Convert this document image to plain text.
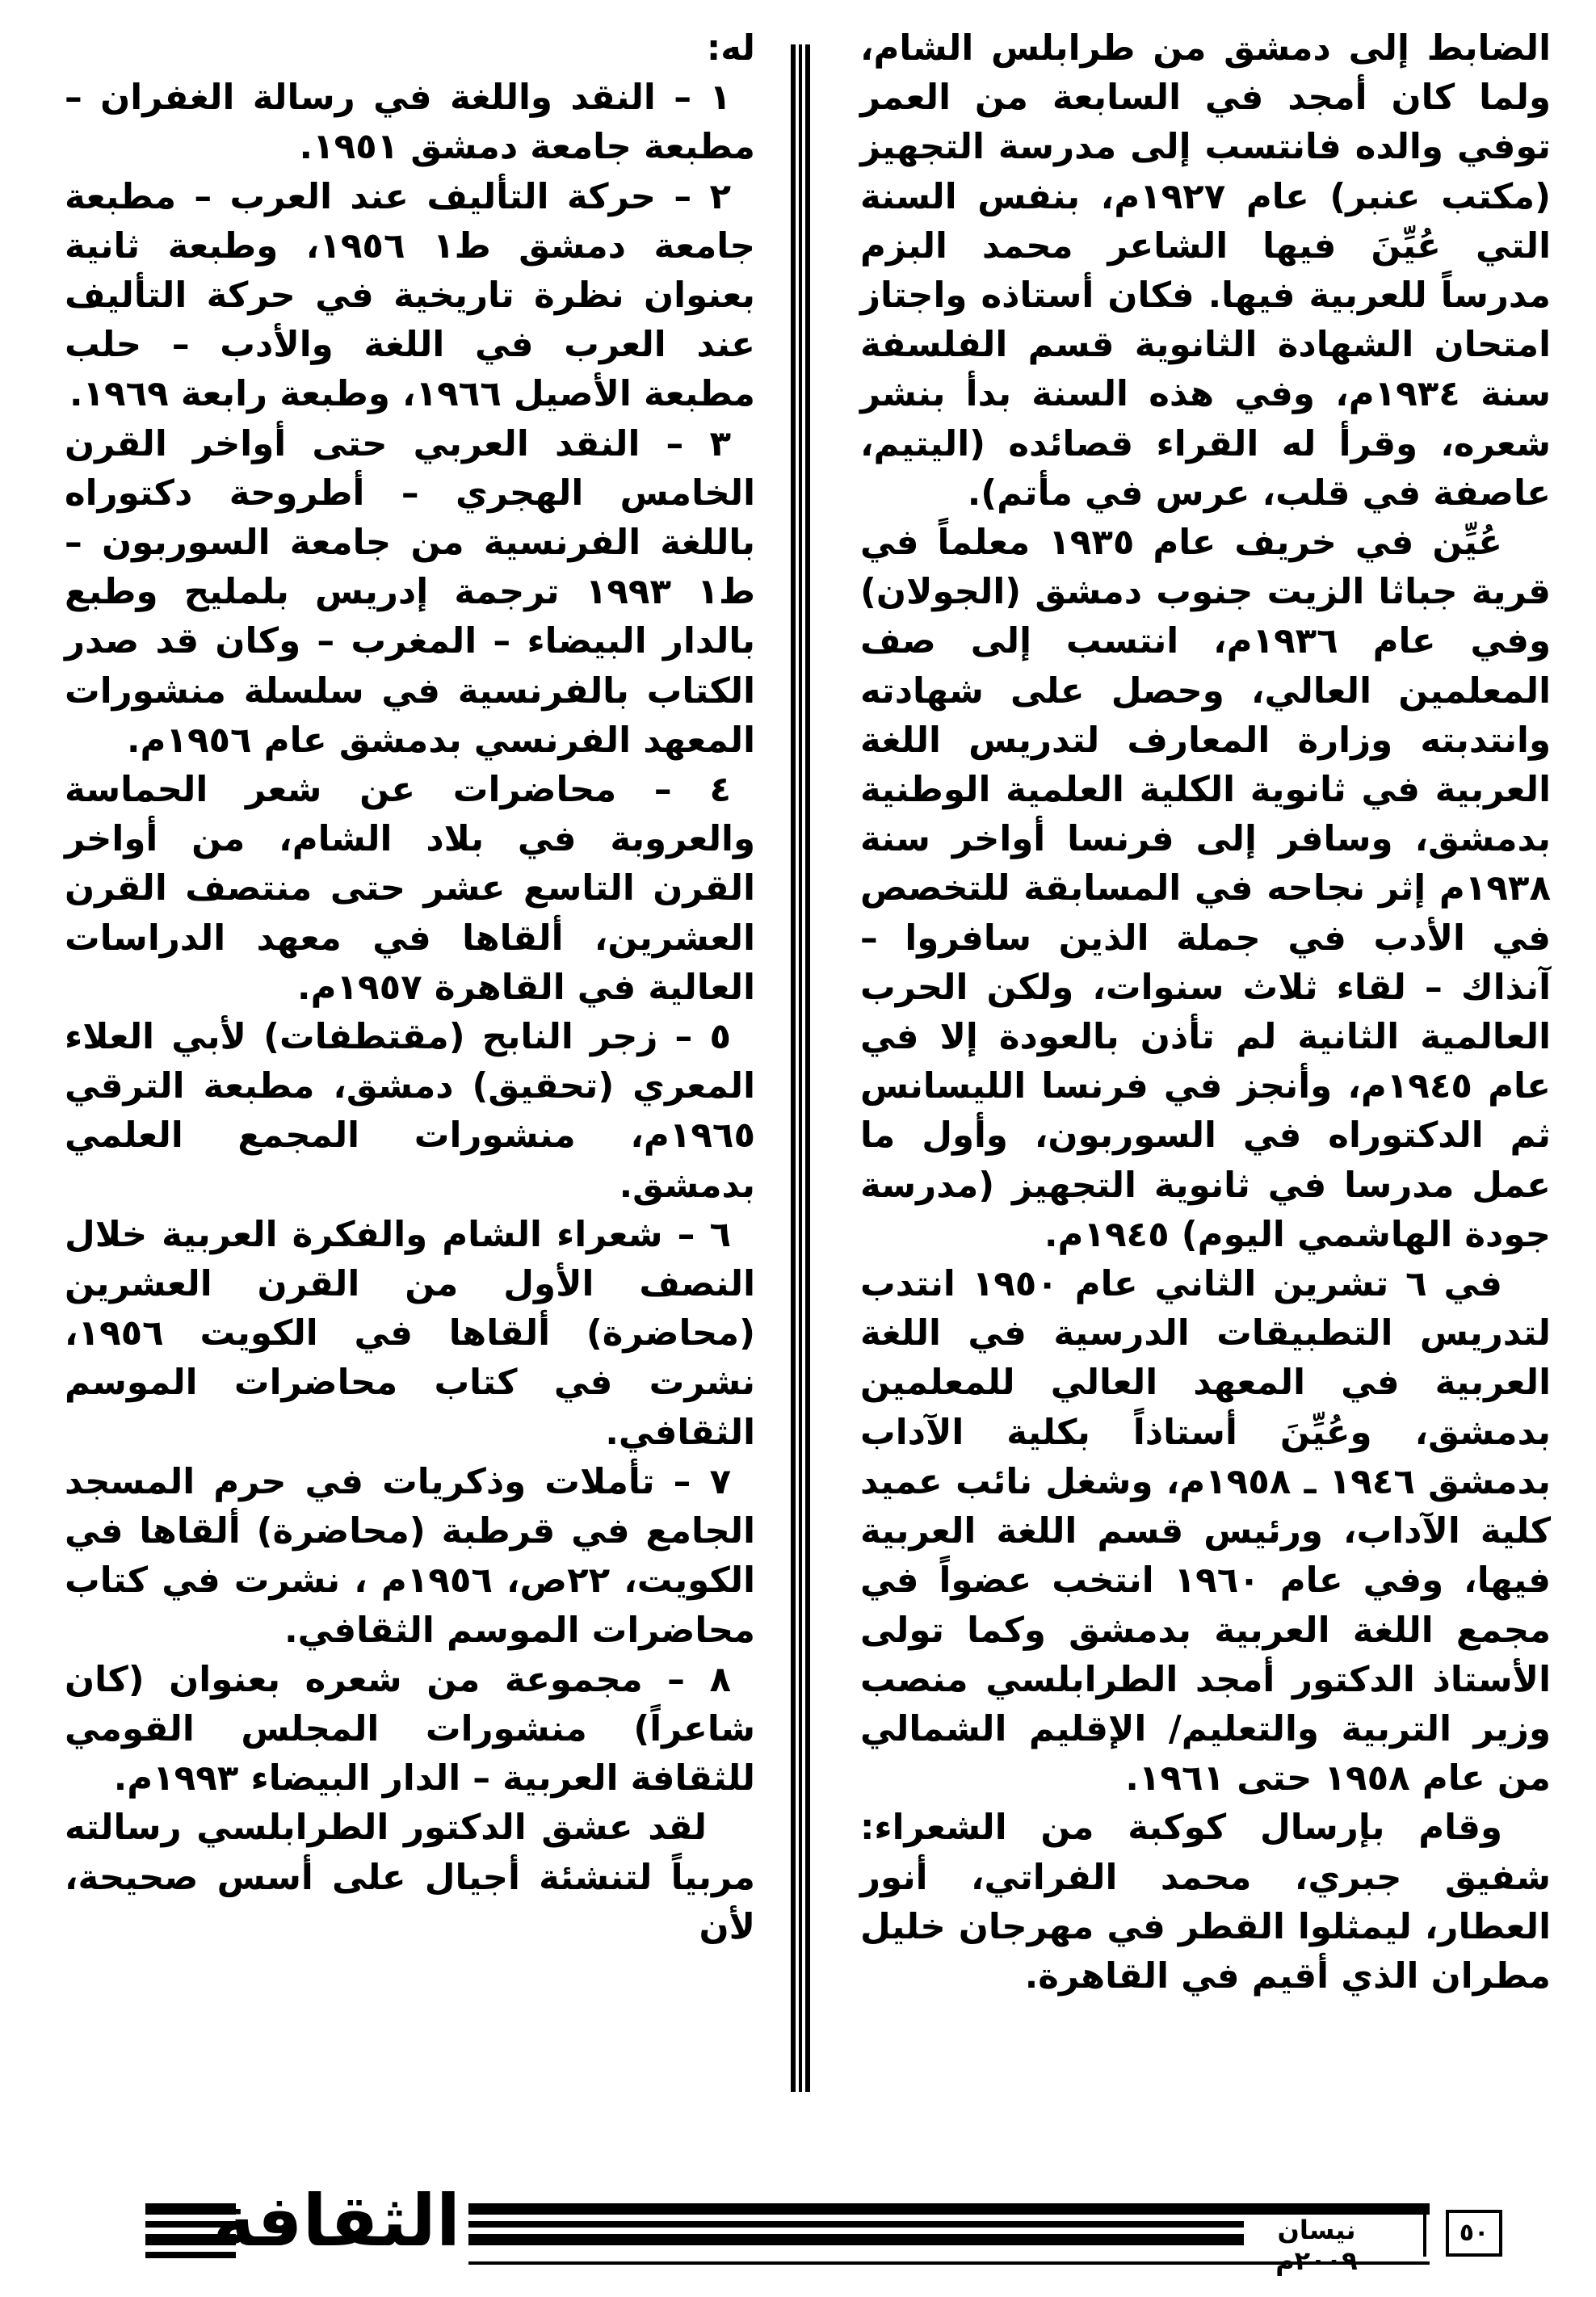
الضابط إلى دمشق من طرابلس الشام، ولما كان أمجد في السابعة من العمر توفي والده فانتسب إلى مدرسة التجهيز (مكتب عنبر) عام ١٩٢٧م، بنفس السنة التي عُيِّنَ فيها الشاعر محمد البزم مدرساً للعربية فيها. فكان أستاذه واجتاز امتحان الشهادة الثانوية قسم الفلسفة سنة ١٩٣٤م، وفي هذه السنة بدأ بنشر شعره، وقرأ له القراء قصائده (اليتيم، عاصفة في قلب، عرس في مأتم).

عُيِّن في خريف عام ١٩٣٥ معلماً في قرية جباثا الزيت جنوب دمشق (الجولان) وفي عام ١٩٣٦م، انتسب إلى صف المعلمين العالي، وحصل على شهادته وانتدبته وزارة المعارف لتدريس اللغة العربية في ثانوية الكلية العلمية الوطنية بدمشق، وسافر إلى فرنسا أواخر سنة ١٩٣٨م إثر نجاحه في المسابقة للتخصص في الأدب في جملة الذين سافروا – آنذاك – لقاء ثلاث سنوات، ولكن الحرب العالمية الثانية لم تأذن بالعودة إلا في عام ١٩٤٥م، وأنجز في فرنسا الليسانس ثم الدكتوراه في السوربون، وأول ما عمل مدرسا في ثانوية التجهيز (مدرسة جودة الهاشمي اليوم) ١٩٤٥م.

في ٦ تشرين الثاني عام ١٩٥٠ انتدب لتدريس التطبيقات الدرسية في اللغة العربية في المعهد العالي للمعلمين بدمشق، وعُيِّنَ أستاذاً بكلية الآداب بدمشق ١٩٤٦ ـ ١٩٥٨م، وشغل نائب عميد كلية الآداب، ورئيس قسم اللغة العربية فيها، وفي عام ١٩٦٠ انتخب عضواً في مجمع اللغة العربية بدمشق وكما تولى الأستاذ الدكتور أمجد الطرابلسي منصب وزير التربية والتعليم/ الإقليم الشمالي من عام ١٩٥٨ حتى ١٩٦١.

وقام بإرسال كوكبة من الشعراء: شفيق جبري، محمد الفراتي، أنور العطار، ليمثلوا القطر في مهرجان خليل مطران الذي أقيم في القاهرة.

له:

١ – النقد واللغة في رسالة الغفران – مطبعة جامعة دمشق ١٩٥١.

٢ – حركة التأليف عند العرب – مطبعة جامعة دمشق ط١ ١٩٥٦، وطبعة ثانية بعنوان نظرة تاريخية في حركة التأليف عند العرب في اللغة والأدب – حلب مطبعة الأصيل ١٩٦٦، وطبعة رابعة ١٩٦٩.

٣ – النقد العربي حتى أواخر القرن الخامس الهجري – أطروحة دكتوراه باللغة الفرنسية من جامعة السوربون – ط١ ١٩٩٣ ترجمة إدريس بلمليح وطبع بالدار البيضاء – المغرب – وكان قد صدر الكتاب بالفرنسية في سلسلة منشورات المعهد الفرنسي بدمشق عام ١٩٥٦م.

٤ – محاضرات عن شعر الحماسة والعروبة في بلاد الشام، من أواخر القرن التاسع عشر حتى منتصف القرن العشرين، ألقاها في معهد الدراسات العالية في القاهرة ١٩٥٧م.

٥ – زجر النابح (مقتطفات) لأبي العلاء المعري (تحقيق) دمشق، مطبعة الترقي ١٩٦٥م، منشورات المجمع العلمي بدمشق.

٦ – شعراء الشام والفكرة العربية خلال النصف الأول من القرن العشرين (محاضرة) ألقاها في الكويت ١٩٥٦، نشرت في كتاب محاضرات الموسم الثقافي.

٧ – تأملات وذكريات في حرم المسجد الجامع في قرطبة (محاضرة) ألقاها في الكويت، ٢٢ص، ١٩٥٦م ، نشرت في كتاب محاضرات الموسم الثقافي.

٨ – مجموعة من شعره بعنوان (كان شاعراً) منشورات المجلس القومي للثقافة العربية – الدار البيضاء ١٩٩٣م.

لقد عشق الدكتور الطرابلسي رسالته مربياً لتنشئة أجيال على أسس صحيحة، لأن

الثقافة	نيسان ٢٠٠٩م
٥٠
